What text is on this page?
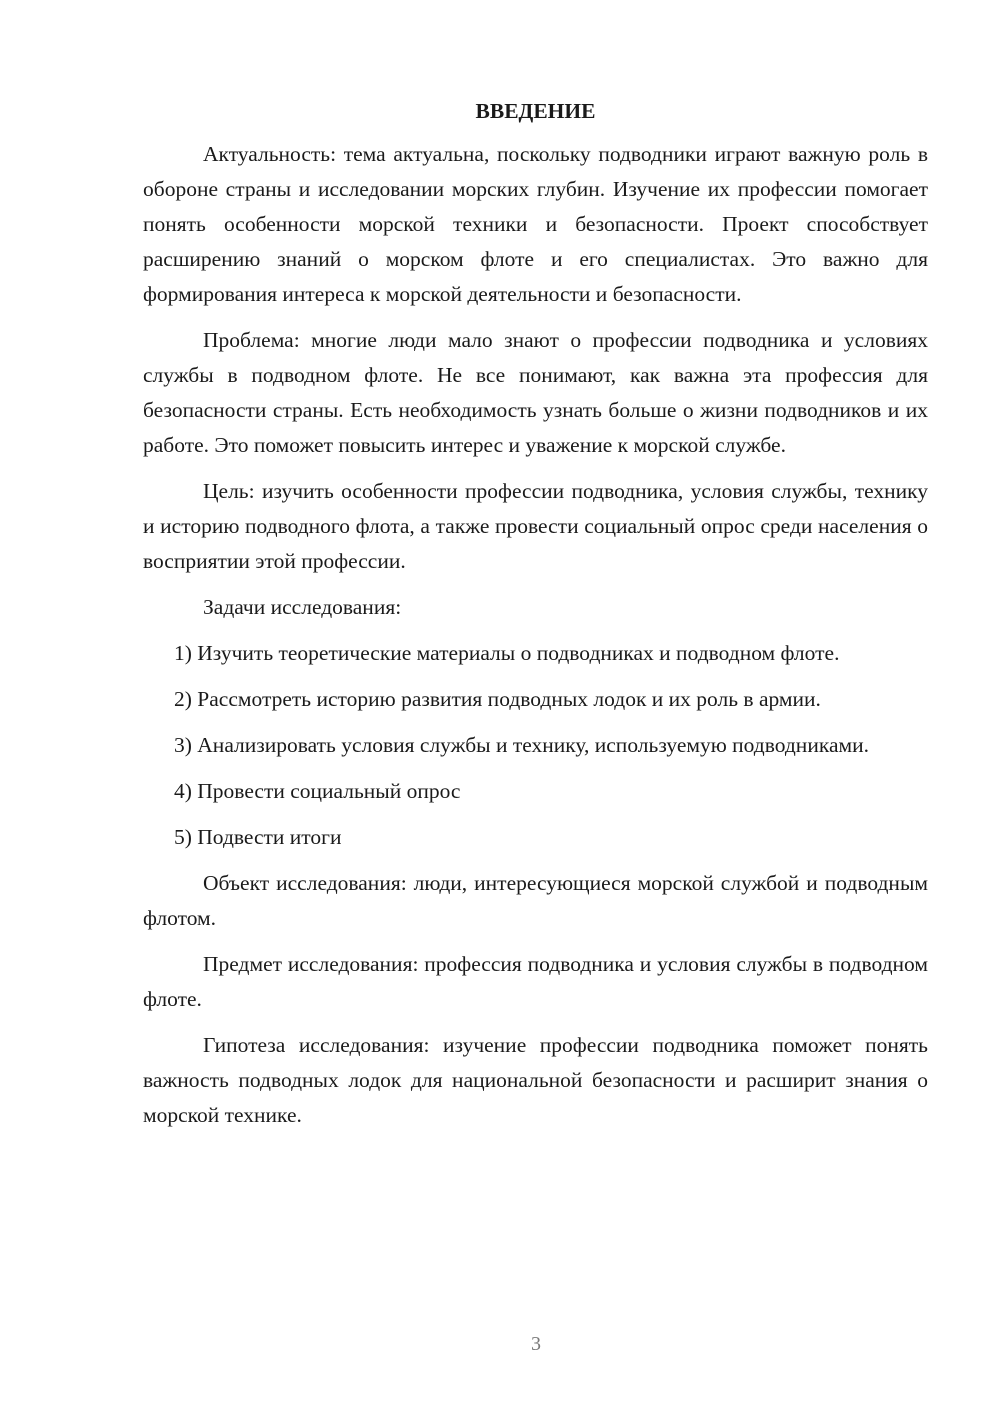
ВВЕДЕНИЕ

Актуальность: тема актуальна, поскольку подводники играют важную роль в обороне страны и исследовании морских глубин. Изучение их профессии помогает понять особенности морской техники и безопасности. Проект способствует расширению знаний о морском флоте и его специалистах. Это важно для формирования интереса к морской деятельности и безопасности.

Проблема: многие люди мало знают о профессии подводника и условиях службы в подводном флоте. Не все понимают, как важна эта профессия для безопасности страны. Есть необходимость узнать больше о жизни подводников и их работе. Это поможет повысить интерес и уважение к морской службе.

Цель: изучить особенности профессии подводника, условия службы, технику и историю подводного флота, а также провести социальный опрос среди населения о восприятии этой профессии.

Задачи исследования:

1) Изучить теоретические материалы о подводниках и подводном флоте.

2) Рассмотреть историю развития подводных лодок и их роль в армии.

3) Анализировать условия службы и технику, используемую подводниками.

4) Провести социальный опрос

5) Подвести итоги

Объект исследования: люди, интересующиеся морской службой и подводным флотом.

Предмет исследования: профессия подводника и условия службы в подводном флоте.

Гипотеза исследования: изучение профессии подводника поможет понять важность подводных лодок для национальной безопасности и расширит знания о морской технике.

3
